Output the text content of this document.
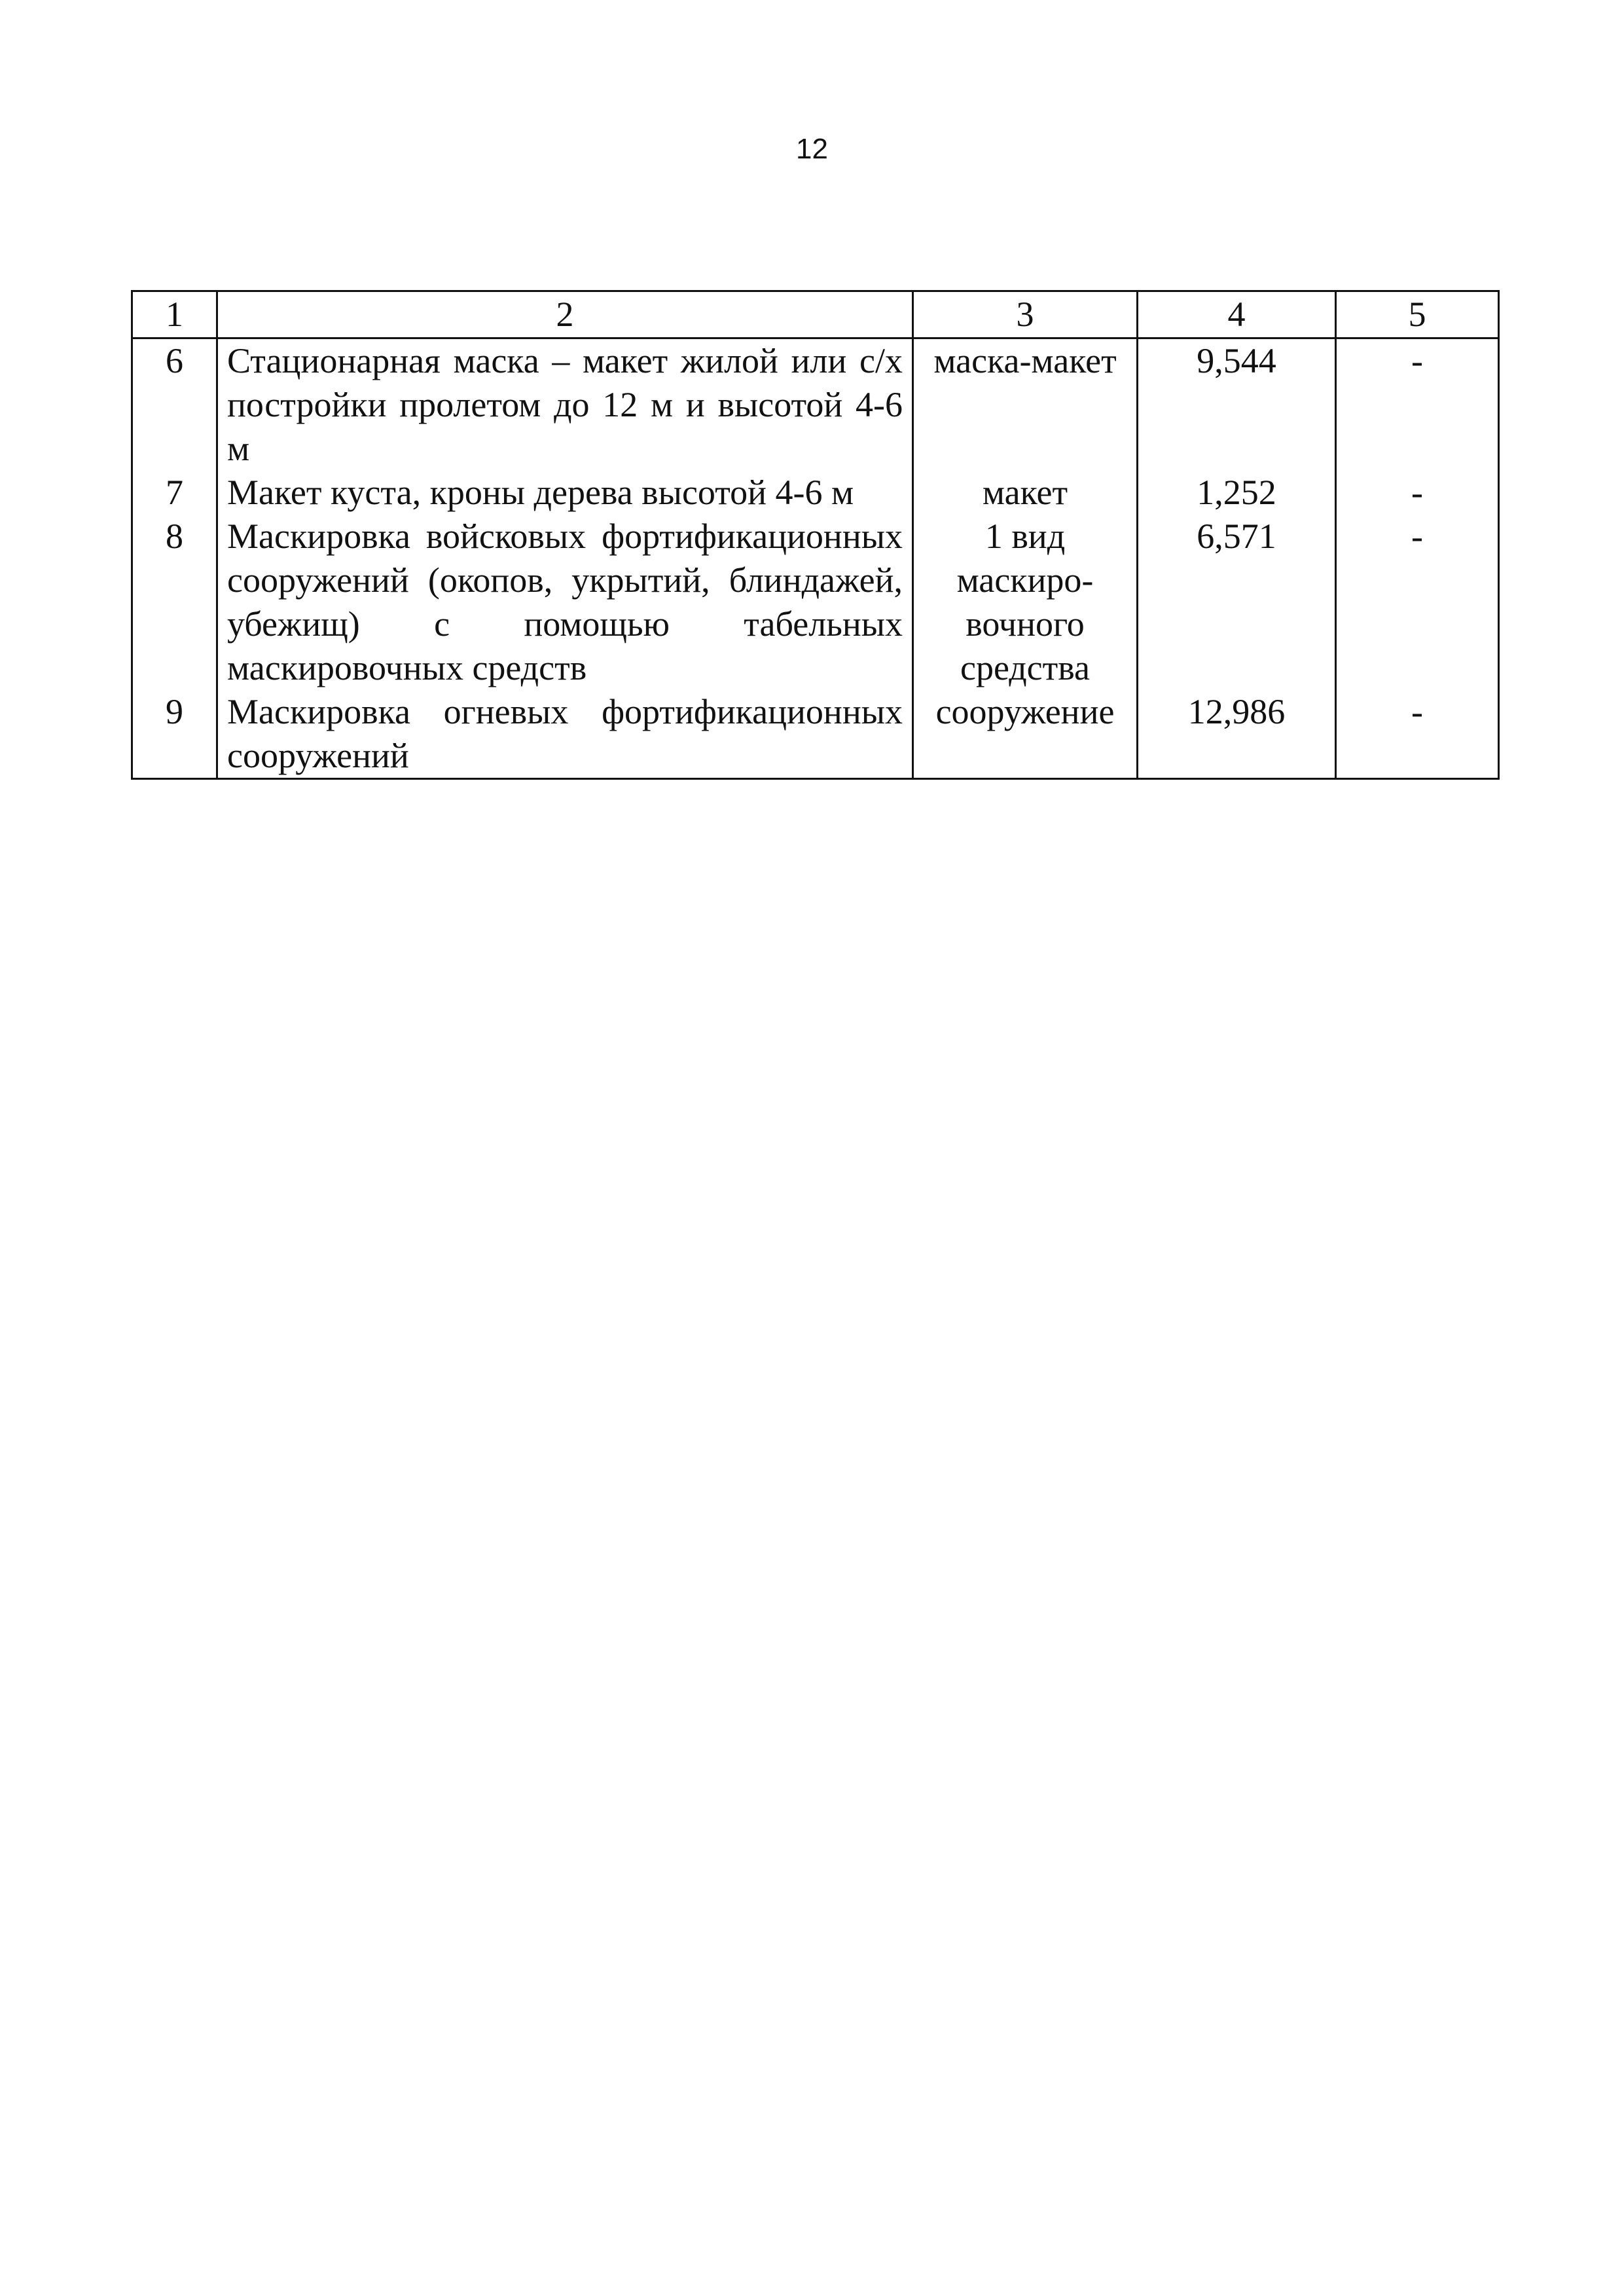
12
1	2	3	4	5
6	Стационарная маска – макет жилой или с/х постройки пролетом до 12 м и высотой 4-6 м	маска-макет	9,544	-
7	Макет куста, кроны дерева высотой 4-6 м	макет	1,252	-
8	Маскировка войсковых фортификационных сооружений (окопов, укрытий, блиндажей, убежищ) с помощью табельных маскировочных средств	1 вид маскиро-вочного средства	6,571	-
9	Маскировка огневых фортификационных сооружений	сооружение	12,986	-
